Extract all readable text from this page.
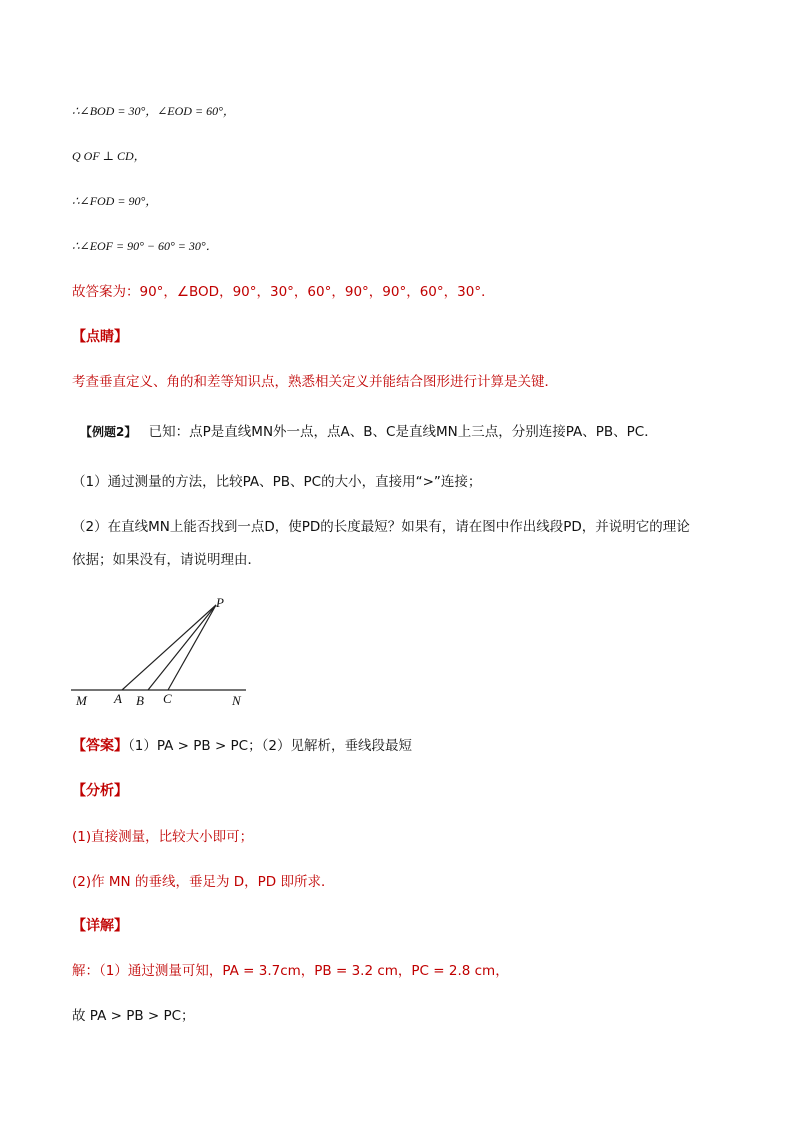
∴∠BOD = 30°，∠EOD = 60°，
Q OF ⊥ CD，
∴∠FOD = 90°，
∴∠EOF = 90° − 60° = 30°．
故答案为：90°，∠BOD，90°，30°，60°，90°，90°，60°，30°．
【点睛】
考查垂直定义、角的和差等知识点，熟悉相关定义并能结合图形进行计算是关键．
【例题2】 已知：点P是直线MN外一点，点A、B、C是直线MN上三点，分别连接PA、PB、PC．
（1）通过测量的方法，比较PA、PB、PC的大小，直接用“>”连接；
（2）在直线MN上能否找到一点D，使PD的长度最短？如果有，请在图中作出线段PD，并说明它的理论
依据；如果没有，请说明理由．
P
M A B C	N
【答案】（1）PA > PB > PC；（2）见解析，垂线段最短
【分析】
(1)直接测量，比较大小即可；
(2)作 MN 的垂线，垂足为 D，PD 即所求．
【详解】
解：（1）通过测量可知，PA = 3.7cm，PB = 3.2 cm，PC = 2.8 cm，
故 PA > PB > PC；
